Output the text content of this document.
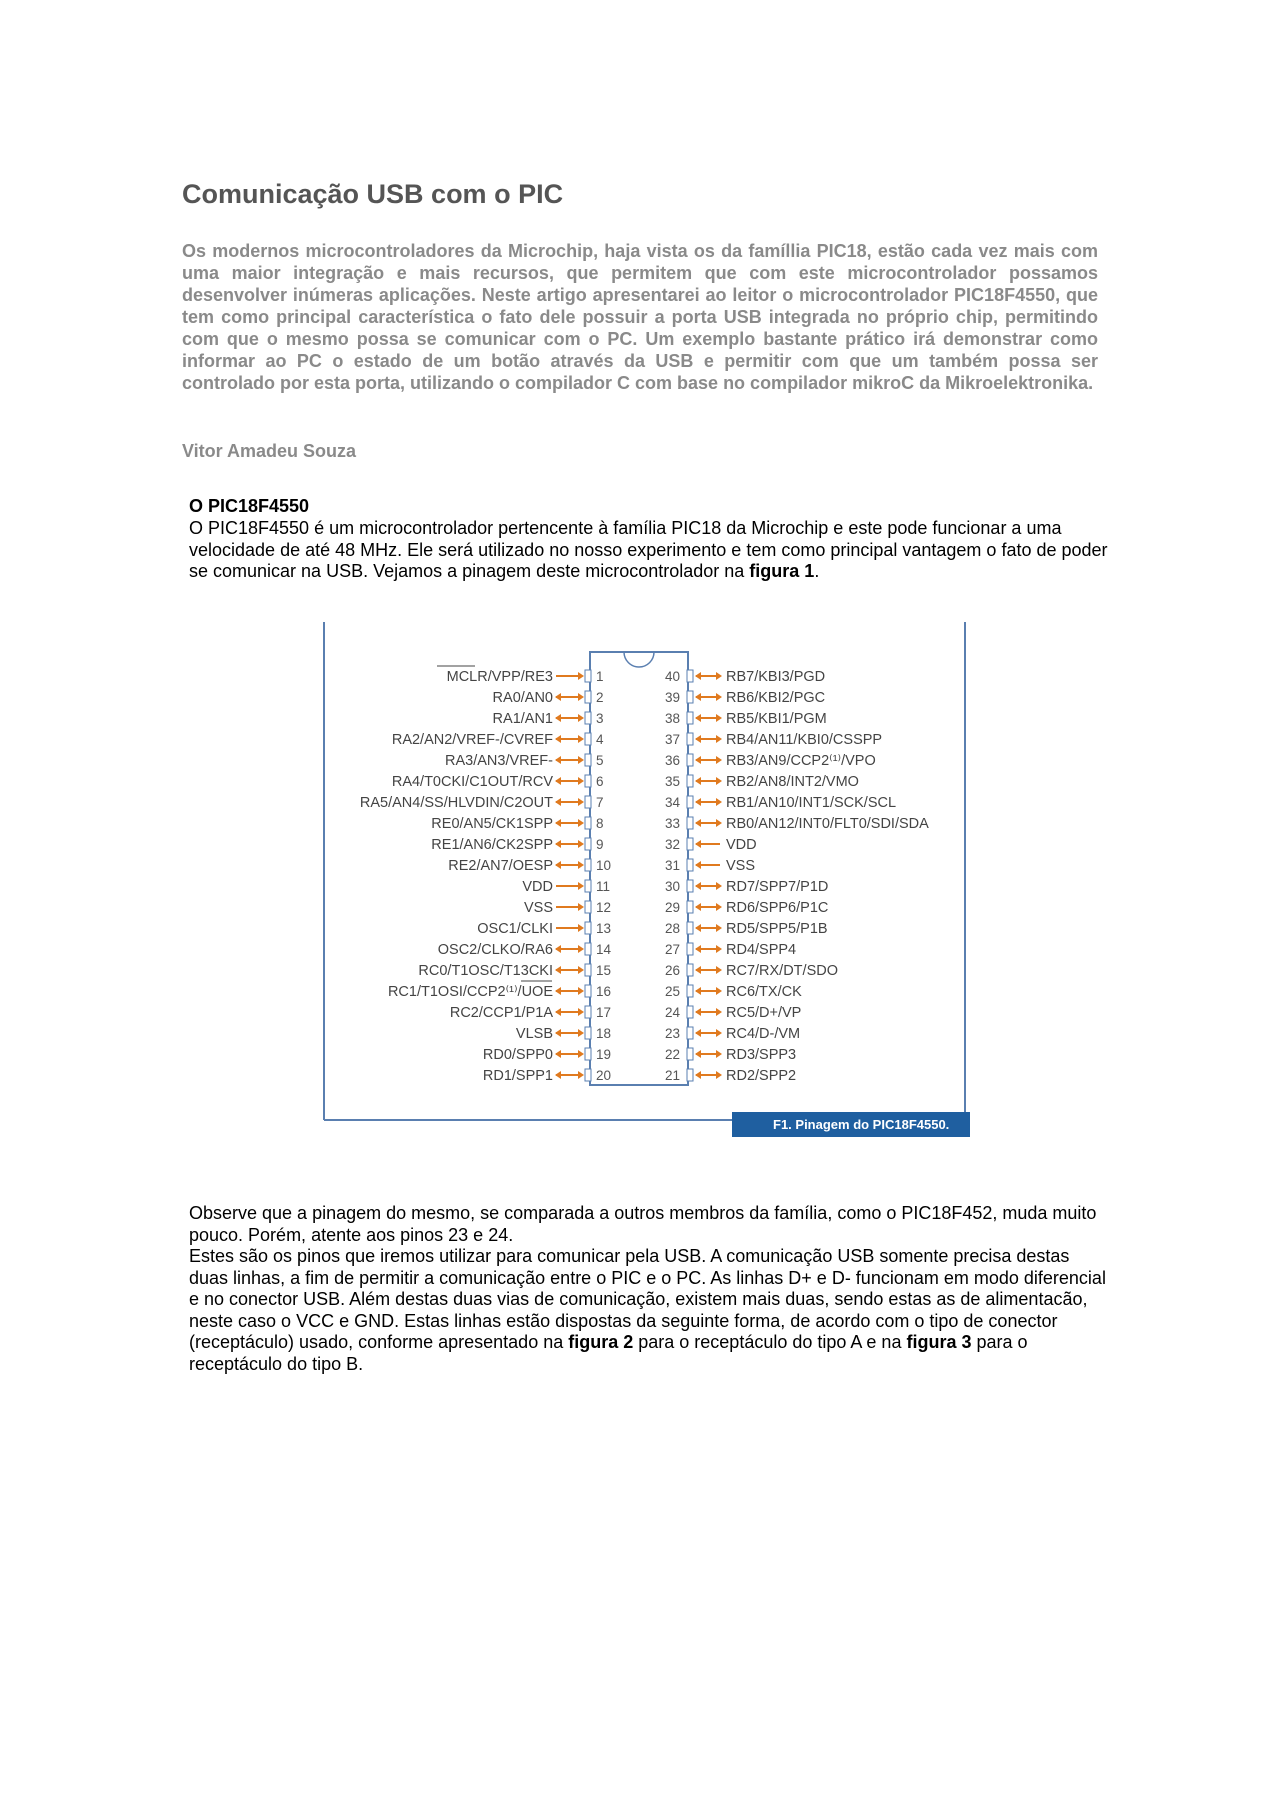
Comunicação USB com o PIC

Os modernos microcontroladores da Microchip, haja vista os da famíllia PIC18, estão cada vez mais com uma maior integração e mais recursos, que permitem que com este microcontrolador possamos desenvolver inúmeras aplicações. Neste artigo apresentarei ao leitor o microcontrolador PIC18F4550, que tem como principal característica o fato dele possuir a porta USB integrada no próprio chip, permitindo com que o mesmo possa se comunicar com o PC. Um exemplo bastante prático irá demonstrar como informar ao PC o estado de um botão através da USB e permitir com que um também possa ser controlado por esta porta, utilizando o compilador C com base no compilador mikroC da Mikroelektronika.

Vitor Amadeu Souza

O PIC18F4550

O PIC18F4550 é um microcontrolador pertencente à família PIC18 da Microchip e este pode funcionar a uma velocidade de até 48 MHz. Ele será utilizado no nosso experimento e tem como principal vantagem o fato de poder se comunicar na USB. Vejamos a pinagem deste microcontrolador na figura 1.

MCLR/VPP/RE3	1
RA0/AN0	2
RA1/AN1	3
RA2/AN2/VREF-/CVREF	4
RA3/AN3/VREF-	5
RA4/T0CKI/C1OUT/RCV	6
RA5/AN4/SS/HLVDIN/C2OUT	7
RE0/AN5/CK1SPP	8
RE1/AN6/CK2SPP	9
RE2/AN7/OESP	10
VDD	11
VSS	12
OSC1/CLKI	13
OSC2/CLKO/RA6	14
RC0/T1OSC/T13CKI	15
RC1/T1OSI/CCP2⁽¹⁾/UOE	16
RC2/CCP1/P1A	17
VLSB	18
RD0/SPP0	19
RD1/SPP1	20
40	RB7/KBI3/PGD
39	RB6/KBI2/PGC
38	RB5/KBI1/PGM
37	RB4/AN11/KBI0/CSSPP
36	RB3/AN9/CCP2⁽¹⁾/VPO
35	RB2/AN8/INT2/VMO
34	RB1/AN10/INT1/SCK/SCL
33	RB0/AN12/INT0/FLT0/SDI/SDA
32	VDD
31	VSS
30	RD7/SPP7/P1D
29	RD6/SPP6/P1C
28	RD5/SPP5/P1B
27	RD4/SPP4
26	RC7/RX/DT/SDO
25	RC6/TX/CK
24	RC5/D+/VP
23	RC4/D-/VM
22	RD3/SPP3
21	RD2/SPP2
F1. Pinagem do PIC18F4550.

Observe que a pinagem do mesmo, se comparada a outros membros da família, como o PIC18F452, muda muito pouco. Porém, atente aos pinos 23 e 24.

Estes são os pinos que iremos utilizar para comunicar pela USB. A comunicação USB somente precisa destas duas linhas, a fim de permitir a comunicação entre o PIC e o PC. As linhas D+ e D- funcionam em modo diferencial e no conector USB. Além destas duas vias de comunicação, existem mais duas, sendo estas as de alimentacão, neste caso o VCC e GND. Estas linhas estão dispostas da seguinte forma, de acordo com o tipo de conector (receptáculo) usado, conforme apresentado na figura 2 para o receptáculo do tipo A e na figura 3 para o receptáculo do tipo B.
